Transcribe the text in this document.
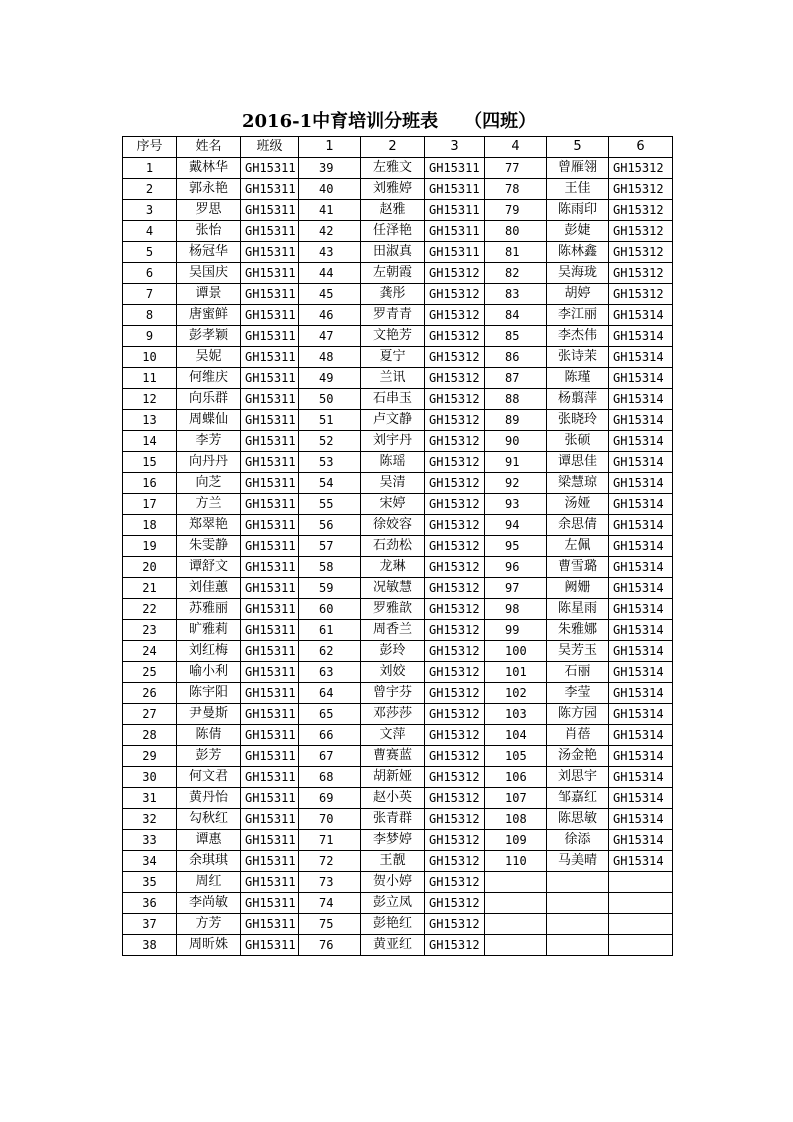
2016-1中育培训分班表 （四班）
序号	姓名	班级	1	2	3	4	5	6
1	戴林华	GH15311	39	左雅文	GH15311	77	曾雁翎	GH15312
2	郭永艳	GH15311	40	刘雅婷	GH15311	78	王佳	GH15312
3	罗思	GH15311	41	赵雅	GH15311	79	陈雨印	GH15312
4	张怡	GH15311	42	任泽艳	GH15311	80	彭婕	GH15312
5	杨冠华	GH15311	43	田淑真	GH15311	81	陈林鑫	GH15312
6	吴国庆	GH15311	44	左朝霞	GH15312	82	吴海珑	GH15312
7	谭景	GH15311	45	龚彤	GH15312	83	胡婷	GH15312
8	唐蜜鲜	GH15311	46	罗青青	GH15312	84	李江丽	GH15314
9	彭孝颖	GH15311	47	文艳芳	GH15312	85	李杰伟	GH15314
10	吴妮	GH15311	48	夏宁	GH15312	86	张诗茉	GH15314
11	何维庆	GH15311	49	兰讯	GH15312	87	陈瑾	GH15314
12	向乐群	GH15311	50	石串玉	GH15312	88	杨翦萍	GH15314
13	周蝶仙	GH15311	51	卢文静	GH15312	89	张晓玲	GH15314
14	李芳	GH15311	52	刘宇丹	GH15312	90	张硕	GH15314
15	向丹丹	GH15311	53	陈瑶	GH15312	91	谭思佳	GH15314
16	向芝	GH15311	54	吴清	GH15312	92	梁慧琼	GH15314
17	方兰	GH15311	55	宋婷	GH15312	93	汤娅	GH15314
18	郑翠艳	GH15311	56	徐姣容	GH15312	94	余思倩	GH15314
19	朱雯静	GH15311	57	石劲松	GH15312	95	左佩	GH15314
20	谭舒文	GH15311	58	龙琳	GH15312	96	曹雪璐	GH15314
21	刘佳蕙	GH15311	59	况敏慧	GH15312	97	阙姗	GH15314
22	苏雅丽	GH15311	60	罗雅歆	GH15312	98	陈星雨	GH15314
23	旷雅莉	GH15311	61	周香兰	GH15312	99	朱雅娜	GH15314
24	刘红梅	GH15311	62	彭玲	GH15312	100	吴芳玉	GH15314
25	喻小利	GH15311	63	刘姣	GH15312	101	石丽	GH15314
26	陈宇阳	GH15311	64	曾宇芬	GH15312	102	李莹	GH15314
27	尹曼斯	GH15311	65	邓莎莎	GH15312	103	陈方园	GH15314
28	陈倩	GH15311	66	文萍	GH15312	104	肖蓓	GH15314
29	彭芳	GH15311	67	曹赛蓝	GH15312	105	汤金艳	GH15314
30	何文君	GH15311	68	胡新娅	GH15312	106	刘思宇	GH15314
31	黄丹怡	GH15311	69	赵小英	GH15312	107	邹嘉红	GH15314
32	勾秋红	GH15311	70	张青群	GH15312	108	陈思敏	GH15314
33	谭惠	GH15311	71	李梦婷	GH15312	109	徐添	GH15314
34	余琪琪	GH15311	72	王靓	GH15312	110	马美晴	GH15314
35	周红	GH15311	73	贺小婷	GH15312			
36	李尚敏	GH15311	74	彭立凤	GH15312			
37	方芳	GH15311	75	彭艳红	GH15312			
38	周昕姝	GH15311	76	黄亚红	GH15312			
